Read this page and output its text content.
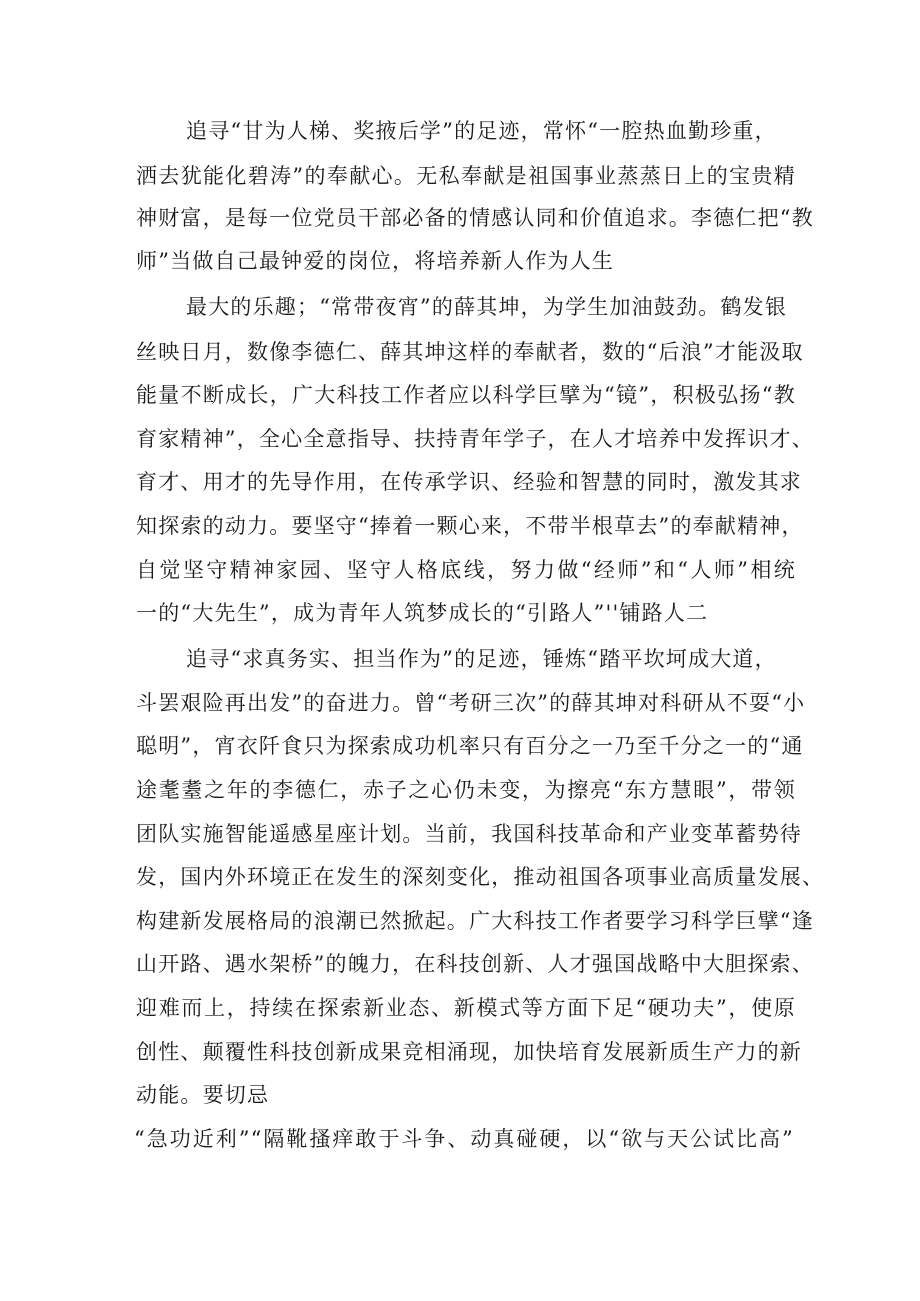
追寻“甘为人梯、奖掖后学”的足迹，常怀“一腔热血勤珍重，
洒去犹能化碧涛”的奉献心。无私奉献是祖国事业蒸蒸日上的宝贵精
神财富，是每一位党员干部必备的情感认同和价值追求。李德仁把“教
师”当做自己最钟爱的岗位，将培养新人作为人生
最大的乐趣；“常带夜宵”的薛其坤，为学生加油鼓劲。鹤发银
丝映日月，数像李德仁、薛其坤这样的奉献者，数的“后浪”才能汲取
能量不断成长，广大科技工作者应以科学巨擘为“镜”，积极弘扬“教
育家精神”，全心全意指导、扶持青年学子，在人才培养中发挥识才、
育才、用才的先导作用，在传承学识、经验和智慧的同时，激发其求
知探索的动力。要坚守“捧着一颗心来，不带半根草去”的奉献精神，
自觉坚守精神家园、坚守人格底线，努力做“经师”和“人师”相统
一的“大先生”，成为青年人筑梦成长的“引路人”''铺路人二
追寻“求真务实、担当作为”的足迹，锤炼“踏平坎坷成大道，
斗罢艰险再出发”的奋进力。曾“考研三次”的薛其坤对科研从不耍“小
聪明”，宵衣阡食只为探索成功机率只有百分之一乃至千分之一的“通
途耄耋之年的李德仁，赤子之心仍未变，为擦亮“东方慧眼”，带领
团队实施智能遥感星座计划。当前，我国科技革命和产业变革蓄势待
发，国内外环境正在发生的深刻变化，推动祖国各项事业高质量发展、
构建新发展格局的浪潮已然掀起。广大科技工作者要学习科学巨擘“逢
山开路、遇水架桥”的魄力，在科技创新、人才强国战略中大胆探索、
迎难而上，持续在探索新业态、新模式等方面下足“硬功夫”，使原
创性、颠覆性科技创新成果竞相涌现，加快培育发展新质生产力的新
动能。要切忌
“急功近利”“隔靴搔痒敢于斗争、动真碰硬，以“欲与天公试比高”
